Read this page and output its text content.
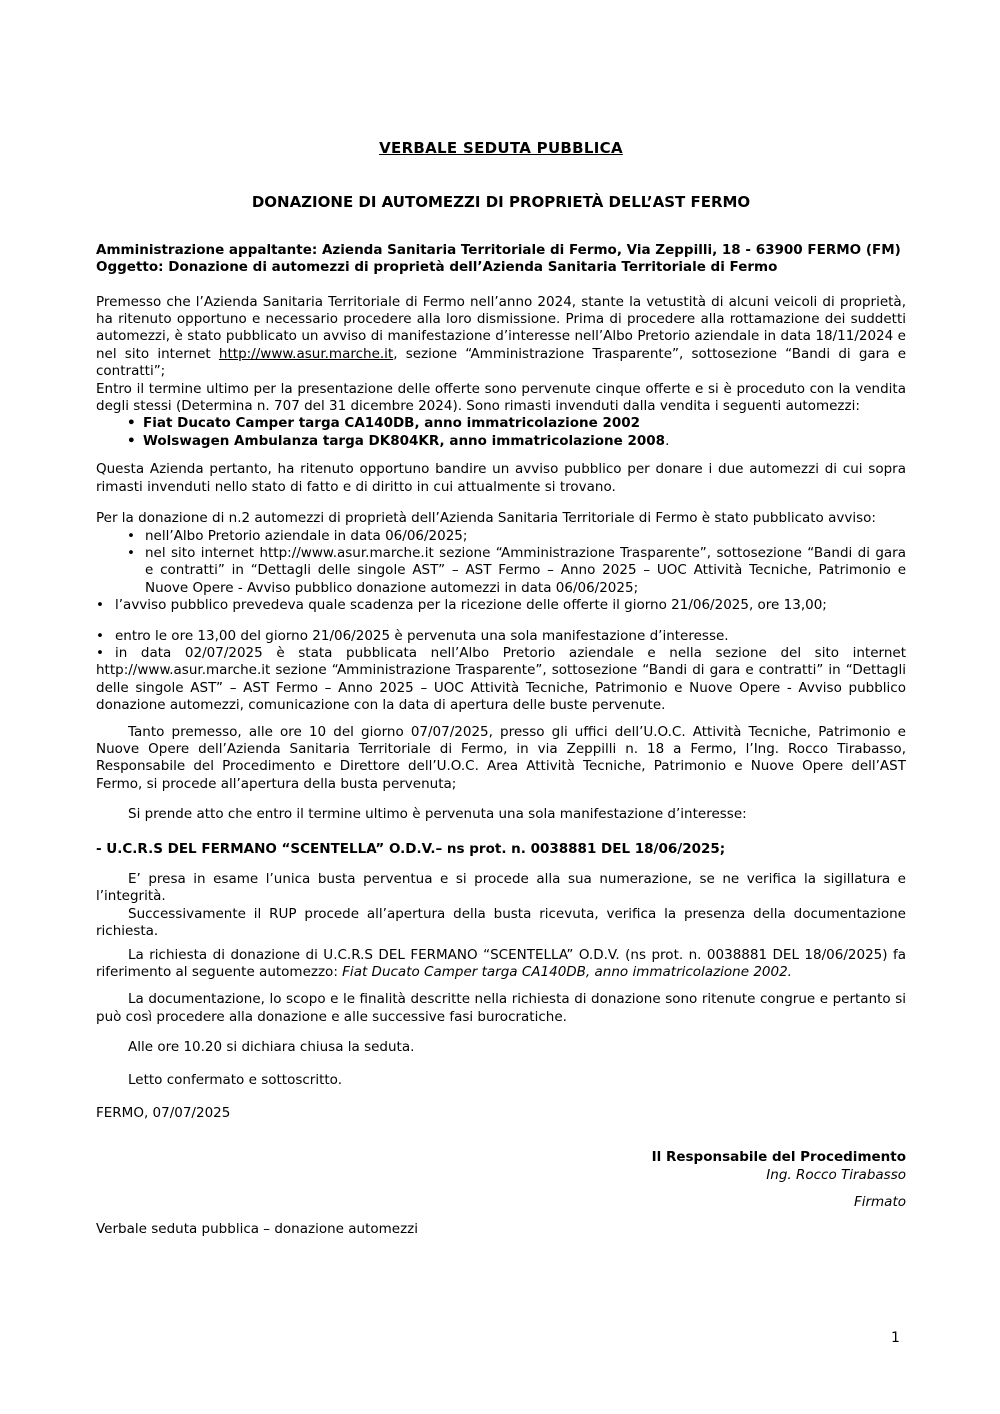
VERBALE SEDUTA PUBBLICA

DONAZIONE DI AUTOMEZZI DI PROPRIETÀ DELL’AST FERMO

Amministrazione appaltante: Azienda Sanitaria Territoriale di Fermo, Via Zeppilli, 18 - 63900 FERMO (FM)

Oggetto: Donazione di automezzi di proprietà dell’Azienda Sanitaria Territoriale di Fermo

Premesso che l’Azienda Sanitaria Territoriale di Fermo nell’anno 2024, stante la vetustità di alcuni veicoli di proprietà, ha ritenuto opportuno e necessario procedere alla loro dismissione. Prima di procedere alla rottamazione dei suddetti automezzi, è stato pubblicato un avviso di manifestazione d’interesse nell’Albo Pretorio aziendale in data 18/11/2024 e nel sito internet http://www.asur.marche.it, sezione “Amministrazione Trasparente”, sottosezione “Bandi di gara e contratti”;

Entro il termine ultimo per la presentazione delle offerte sono pervenute cinque offerte e si è proceduto con la vendita degli stessi (Determina n. 707 del 31 dicembre 2024). Sono rimasti invenduti dalla vendita i seguenti automezzi:

• Fiat Ducato Camper targa CA140DB, anno immatricolazione 2002
• Wolswagen Ambulanza targa DK804KR, anno immatricolazione 2008.

Questa Azienda pertanto, ha ritenuto opportuno bandire un avviso pubblico per donare i due automezzi di cui sopra rimasti invenduti nello stato di fatto e di diritto in cui attualmente si trovano.

Per la donazione di n.2 automezzi di proprietà dell’Azienda Sanitaria Territoriale di Fermo è stato pubblicato avviso:

• nell’Albo Pretorio aziendale in data 06/06/2025;
• nel sito internet http://www.asur.marche.it sezione “Amministrazione Trasparente”, sottosezione “Bandi di gara e contratti” in “Dettagli delle singole AST” – AST Fermo – Anno 2025 – UOC Attività Tecniche, Patrimonio e Nuove Opere - Avviso pubblico donazione automezzi in data 06/06/2025;

• l’avviso pubblico prevedeva quale scadenza per la ricezione delle offerte il giorno 21/06/2025, ore 13,00;

• entro le ore 13,00 del giorno 21/06/2025 è pervenuta una sola manifestazione d’interesse.

• in data 02/07/2025 è stata pubblicata nell’Albo Pretorio aziendale e nella sezione del sito internet http://www.asur.marche.it sezione “Amministrazione Trasparente”, sottosezione “Bandi di gara e contratti” in “Dettagli delle singole AST” – AST Fermo – Anno 2025 – UOC Attività Tecniche, Patrimonio e Nuove Opere - Avviso pubblico donazione automezzi, comunicazione con la data di apertura delle buste pervenute.

Tanto premesso, alle ore 10 del giorno 07/07/2025, presso gli uffici dell’U.O.C. Attività Tecniche, Patrimonio e Nuove Opere dell’Azienda Sanitaria Territoriale di Fermo, in via Zeppilli n. 18 a Fermo, l’Ing. Rocco Tirabasso, Responsabile del Procedimento e Direttore dell’U.O.C. Area Attività Tecniche, Patrimonio e Nuove Opere dell’AST Fermo, si procede all’apertura della busta pervenuta;

Si prende atto che entro il termine ultimo è pervenuta una sola manifestazione d’interesse:

- U.C.R.S DEL FERMANO “SCENTELLA” O.D.V.– ns prot. n. 0038881 DEL 18/06/2025;

E’ presa in esame l’unica busta perventua e si procede alla sua numerazione, se ne verifica la sigillatura e l’integrità.

Successivamente il RUP procede all’apertura della busta ricevuta, verifica la presenza della documentazione richiesta.

La richiesta di donazione di U.C.R.S DEL FERMANO “SCENTELLA” O.D.V. (ns prot. n. 0038881 DEL 18/06/2025) fa riferimento al seguente automezzo: Fiat Ducato Camper targa CA140DB, anno immatricolazione 2002.

La documentazione, lo scopo e le finalità descritte nella richiesta di donazione sono ritenute congrue e pertanto si può così procedere alla donazione e alle successive fasi burocratiche.

Alle ore 10.20 si dichiara chiusa la seduta.

Letto confermato e sottoscritto.

FERMO, 07/07/2025

Il Responsabile del Procedimento

Ing. Rocco Tirabasso

Firmato

Verbale seduta pubblica – donazione automezzi

1
